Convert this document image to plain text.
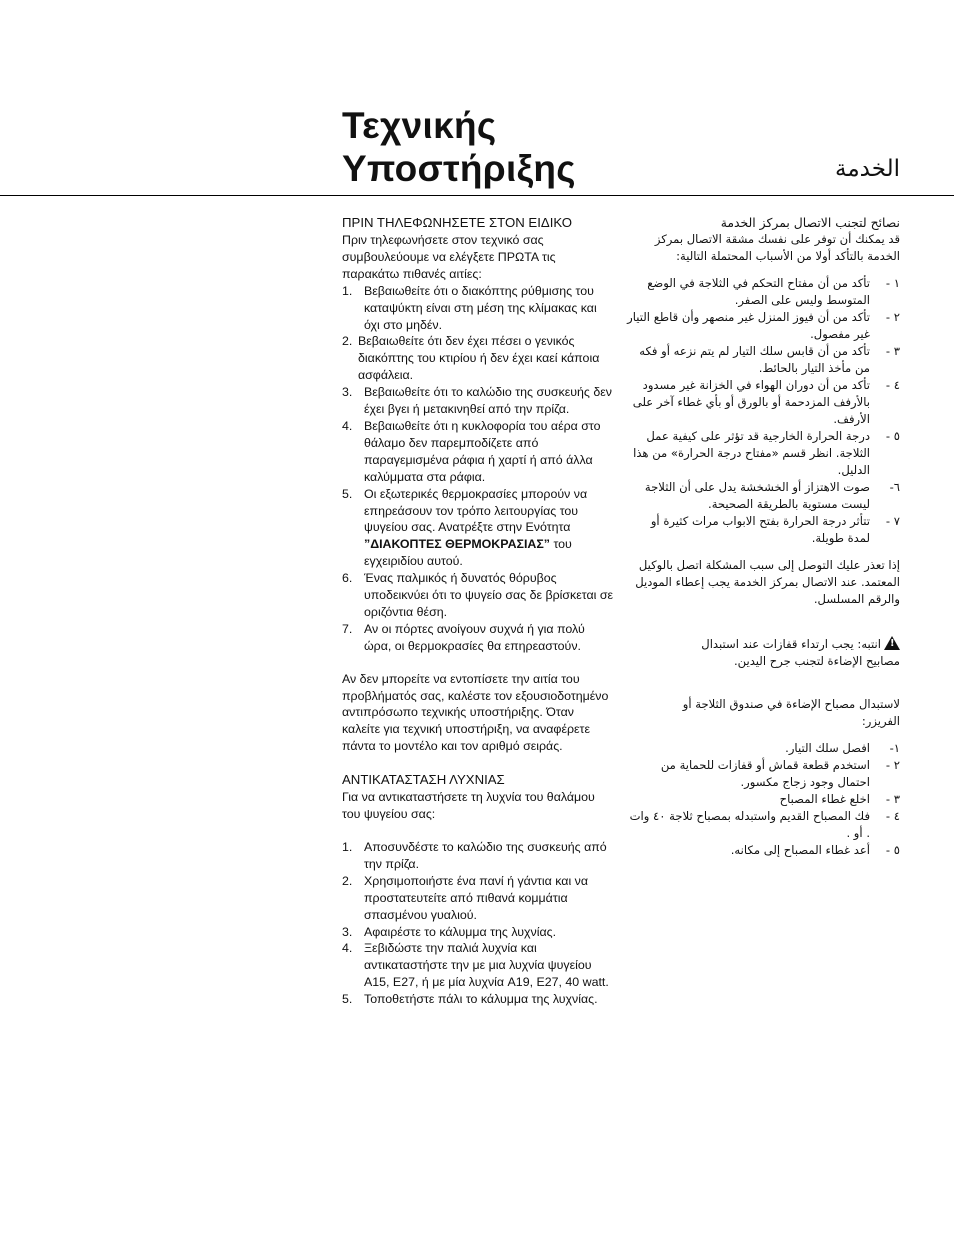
Τεχνικής
Υποστήριξης	الخدمة
ΠΡΙΝ ΤΗΛΕΦΩΝΗΣΕΤΕ ΣΤΟΝ ΕΙΔΙΚΟ
Πριν τηλεφωνήσετε στον τεχνικό σας συμβουλεύουμε να ελέγξετε ΠΡΩΤΑ τις παρακάτω πιθανές αιτίες:
1. Βεβαιωθείτε ότι ο διακόπτης ρύθμισης του καταψύκτη είναι στη μέση της κλίμακας και όχι στο μηδέν.
2. Βεβαιωθείτε ότι δεν έχει πέσει ο γενικός διακόπτης του κτιρίου ή δεν έχει καεί κάποια ασφάλεια.
3. Βεβαιωθείτε ότι το καλώδιο της συσκευής δεν έχει βγει ή μετακινηθεί από την πρίζα.
4. Βεβαιωθείτε ότι η κυκλοφορία του αέρα στο θάλαμο δεν παρεμποδίζετε από παραγεμισμένα ράφια ή χαρτί ή από άλλα καλύμματα στα ράφια.
5. Οι εξωτερικές θερμοκρασίες μπορούν να επηρεάσουν τον τρόπο λειτουργίας του ψυγείου σας. Ανατρέξτε στην Ενότητα ”ΔΙΑΚΟΠΤΕΣ ΘΕΡΜΟΚΡΑΣΙΑΣ” του εγχειριδίου αυτού.
6. Ένας παλμικός ή δυνατός θόρυβος υποδεικνύει ότι το ψυγείο σας δε βρίσκεται σε οριζόντια θέση.
7. Αν οι πόρτες ανοίγουν συχνά ή για πολύ ώρα, οι θερμοκρασίες θα επηρεαστούν.
Αν δεν μπορείτε να εντοπίσετε την αιτία του προβλήματός σας, καλέστε τον εξουσιοδοτημένο αντιπρόσωπο τεχνικής υποστήριξης. Όταν καλείτε για τεχνική υποστήριξη, να αναφέρετε πάντα το μοντέλο και τον αριθμό σειράς.
ΑΝΤΙΚΑΤΑΣΤΑΣΗ ΛΥΧΝΙΑΣ
Για να αντικαταστήσετε τη λυχνία του θαλάμου του ψυγείου σας:
1. Αποσυνδέστε το καλώδιο της συσκευής από την πρίζα.
2. Χρησιμοποιήστε ένα πανί ή γάντια και να προστατευτείτε από πιθανά κομμάτια σπασμένου γυαλιού.
3. Αφαιρέστε το κάλυμμα της λυχνίας.
4. Ξεβιδώστε την παλιά λυχνία και αντικαταστήστε την με μια λυχνία ψυγείου A15, E27, ή με μία λυχνία A19, E27, 40 watt.
5. Τοποθετήστε πάλι το κάλυμμα της λυχνίας.
نصائح لتجنب الاتصال بمركز الخدمة
قد يمكنك أن توفر على نفسك مشقة الاتصال بمركز الخدمة بالتأكد أولا من الأسباب المحتملة التالية:
١ -
تأكد من أن مفتاح التحكم في الثلاجة في الوضع المتوسط وليس على الصفر.
٢ -
تأكد من أن فيوز المنزل غير منصهر وأن قاطع التيار غير مفصول.
٣ -
تأكد من أن قابس سلك التيار لم يتم نزعه أو فكه من مأخذ التيار بالحائط.
٤ -
تأكد من أن دوران الهواء في الخزانة غير مسدود بالأرفف المزدحمة أو بالورق أو بأي غطاء آخر على الأرفف.
٥ -
درجة الحرارة الخارجية قد تؤثر على كيفية عمل الثلاجة. انظر قسم «مفتاح درجة الحرارة» من هذا الدليل.
٦-
صوت الاهتزاز أو الخشخشة يدل على أن الثلاجة ليست مستوية بالطريقة الصحيحة.
٧ -
تتأثر درجة الحرارة بفتح الابواب مرات كثيرة أو لمدة طويلة.
إذا تعذر عليك التوصل إلى سبب المشكلة اتصل بالوكيل المعتمد. عند الاتصال بمركز الخدمة يجب إعطاء الموديل والرقم المسلسل.
!انتبه: يجب ارتداء قفازات عند استبدال مصابيح الإضاءة لتجنب جرح اليدين.
لاستبدال مصباح الإضاءة في صندوق الثلاجة أو الفريزر:
١-
افصل سلك التيار.
٢ -
استخدم قطعة قماش أو قفازات للحماية من احتمال وجود زجاج مكسور.
٣ -
اخلع غطاء المصباح
٤ -
فك المصباح القديم واستبدله بمصباح ثلاجة ٤٠ وات . أو .
٥ -
أعد غطاء المصباح إلى مكانه.
